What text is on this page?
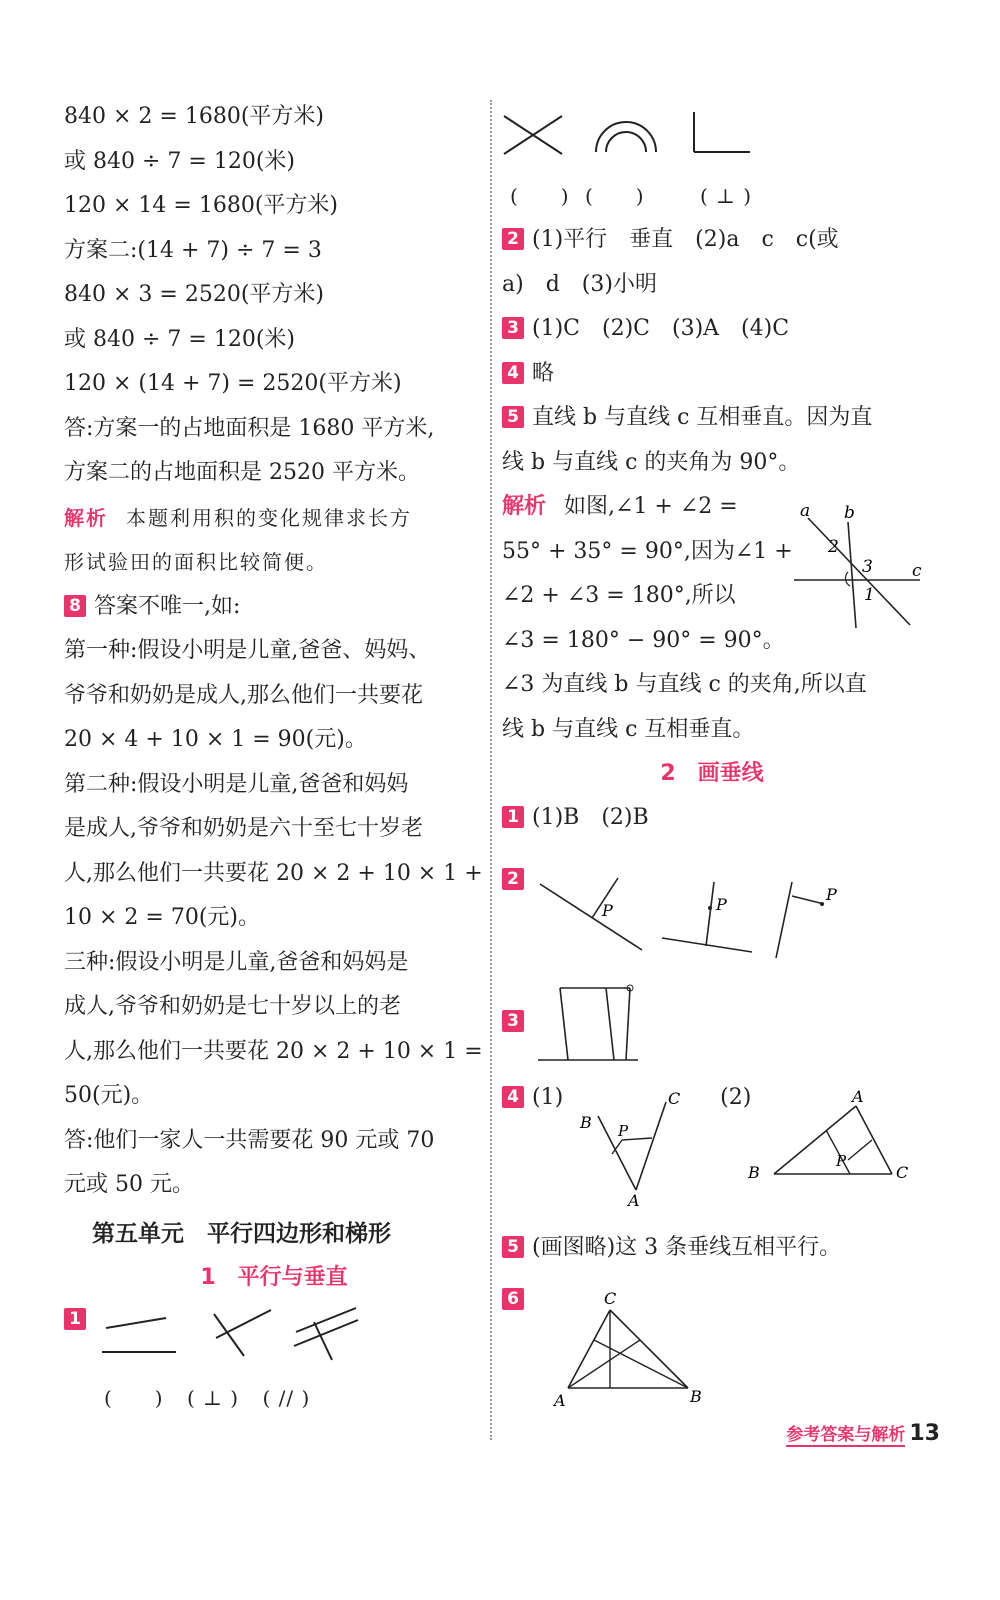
840 × 2 = 1680(平方米)
或 840 ÷ 7 = 120(米)
120 × 14 = 1680(平方米)
方案二:(14 + 7) ÷ 7 = 3
840 × 3 = 2520(平方米)
或 840 ÷ 7 = 120(米)
120 × (14 + 7) = 2520(平方米)
答:方案一的占地面积是 1680 平方米,
方案二的占地面积是 2520 平方米。
解析 本题利用积的变化规律求长方
形试验田的面积比较简便。
8 答案不唯一,如:
第一种:假设小明是儿童,爸爸、妈妈、
爷爷和奶奶是成人,那么他们一共要花
20 × 4 + 10 × 1 = 90(元)。
第二种:假设小明是儿童,爸爸和妈妈
是成人,爷爷和奶奶是六十至七十岁老
人,那么他们一共要花 20 × 2 + 10 × 1 +
10 × 2 = 70(元)。
三种:假设小明是儿童,爸爸和妈妈是
成人,爷爷和奶奶是七十岁以上的老
人,那么他们一共要花 20 × 2 + 10 × 1 =
50(元)。
答:他们一家人一共需要花 90 元或 70
元或 50 元。
第五单元　平行四边形和梯形
1　平行与垂直
1
(　　) ( ⊥ ) ( // )
(　　) (　　)	( ⊥ )
2 (1)平行　垂直　(2)a　c　c(或
a)　d　(3)小明
3 (1)C　(2)C　(3)A　(4)C
4 略
5 直线 b 与直线 c 互相垂直。因为直
线 b 与直线 c 的夹角为 90°。
解析 如图,∠1 + ∠2 =
55° + 35° = 90°,因为∠1 +
∠2 + ∠3 = 180°,所以
∠3 = 180° − 90° = 90°。
∠3 为直线 b 与直线 c 的夹角,所以直
线 b 与直线 c 互相垂直。
2　画垂线
1 (1)B　(2)B
a b
c
2
3
1
2
P	P
P
3
4 (1)	(2)
B
C
A
P
B	C
A
P
5 (画图略)这 3 条垂线互相平行。
6	C
A	B
参考答案与解析 13
